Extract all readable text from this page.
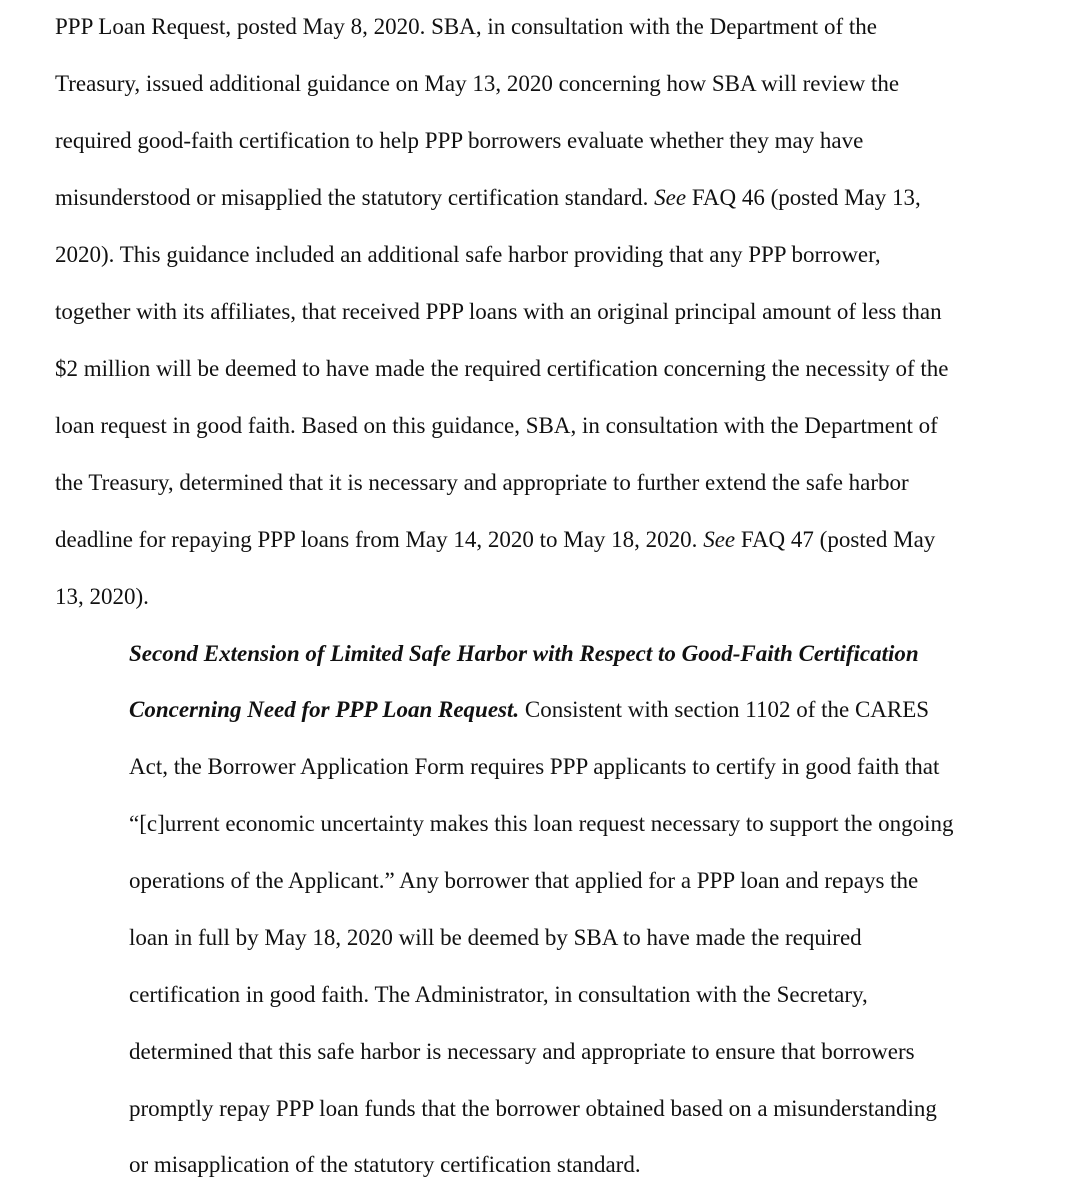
PPP Loan Request, posted May 8, 2020. SBA, in consultation with the Department of the
Treasury, issued additional guidance on May 13, 2020 concerning how SBA will review the
required good-faith certification to help PPP borrowers evaluate whether they may have
misunderstood or misapplied the statutory certification standard. See FAQ 46 (posted May 13,
2020). This guidance included an additional safe harbor providing that any PPP borrower,
together with its affiliates, that received PPP loans with an original principal amount of less than
$2 million will be deemed to have made the required certification concerning the necessity of the
loan request in good faith. Based on this guidance, SBA, in consultation with the Department of
the Treasury, determined that it is necessary and appropriate to further extend the safe harbor
deadline for repaying PPP loans from May 14, 2020 to May 18, 2020. See FAQ 47 (posted May
13, 2020).
Second Extension of Limited Safe Harbor with Respect to Good-Faith Certification
Concerning Need for PPP Loan Request. Consistent with section 1102 of the CARES
Act, the Borrower Application Form requires PPP applicants to certify in good faith that
“[c]urrent economic uncertainty makes this loan request necessary to support the ongoing
operations of the Applicant.” Any borrower that applied for a PPP loan and repays the
loan in full by May 18, 2020 will be deemed by SBA to have made the required
certification in good faith. The Administrator, in consultation with the Secretary,
determined that this safe harbor is necessary and appropriate to ensure that borrowers
promptly repay PPP loan funds that the borrower obtained based on a misunderstanding
or misapplication of the statutory certification standard.
